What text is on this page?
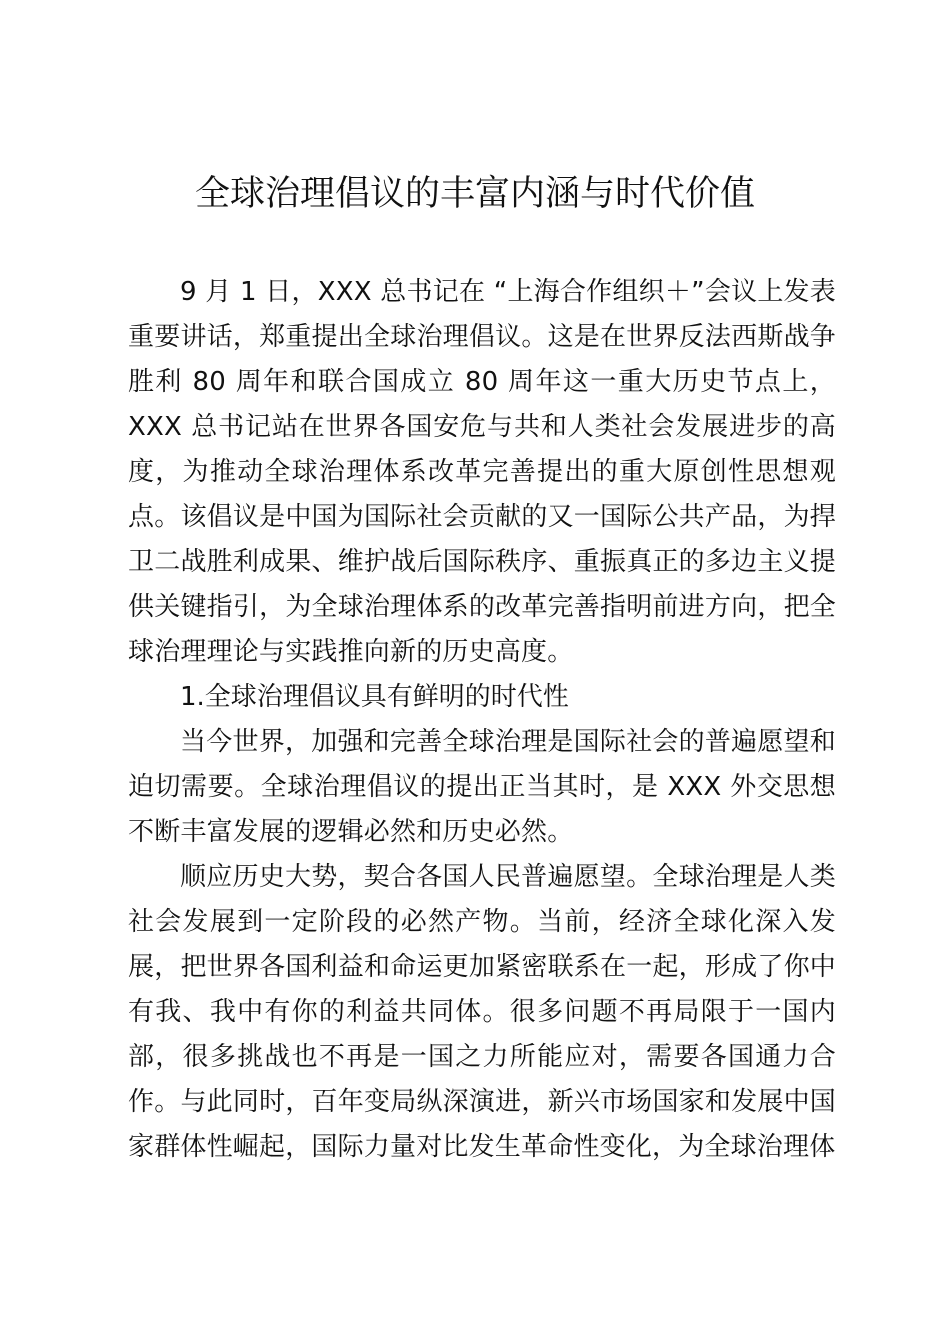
全球治理倡议的丰富内涵与时代价值

9 月 1 日，XXX 总书记在 “上海合作组织＋”会议上发表重要讲话，郑重提出全球治理倡议。这是在世界反法西斯战争胜利 80 周年和联合国成立 80 周年这一重大历史节点上，XXX 总书记站在世界各国安危与共和人类社会发展进步的高度，为推动全球治理体系改革完善提出的重大原创性思想观点。该倡议是中国为国际社会贡献的又一国际公共产品，为捍卫二战胜利成果、维护战后国际秩序、重振真正的多边主义提供关键指引，为全球治理体系的改革完善指明前进方向，把全球治理理论与实践推向新的历史高度。

1.全球治理倡议具有鲜明的时代性

当今世界，加强和完善全球治理是国际社会的普遍愿望和迫切需要。全球治理倡议的提出正当其时，是 XXX 外交思想不断丰富发展的逻辑必然和历史必然。

顺应历史大势，契合各国人民普遍愿望。全球治理是人类社会发展到一定阶段的必然产物。当前，经济全球化深入发展，把世界各国利益和命运更加紧密联系在一起，形成了你中有我、我中有你的利益共同体。很多问题不再局限于一国内部，很多挑战也不再是一国之力所能应对，需要各国通力合作。与此同时，百年变局纵深演进，新兴市场国家和发展中国家群体性崛起，国际力量对比发生革命性变化，为全球治理体
